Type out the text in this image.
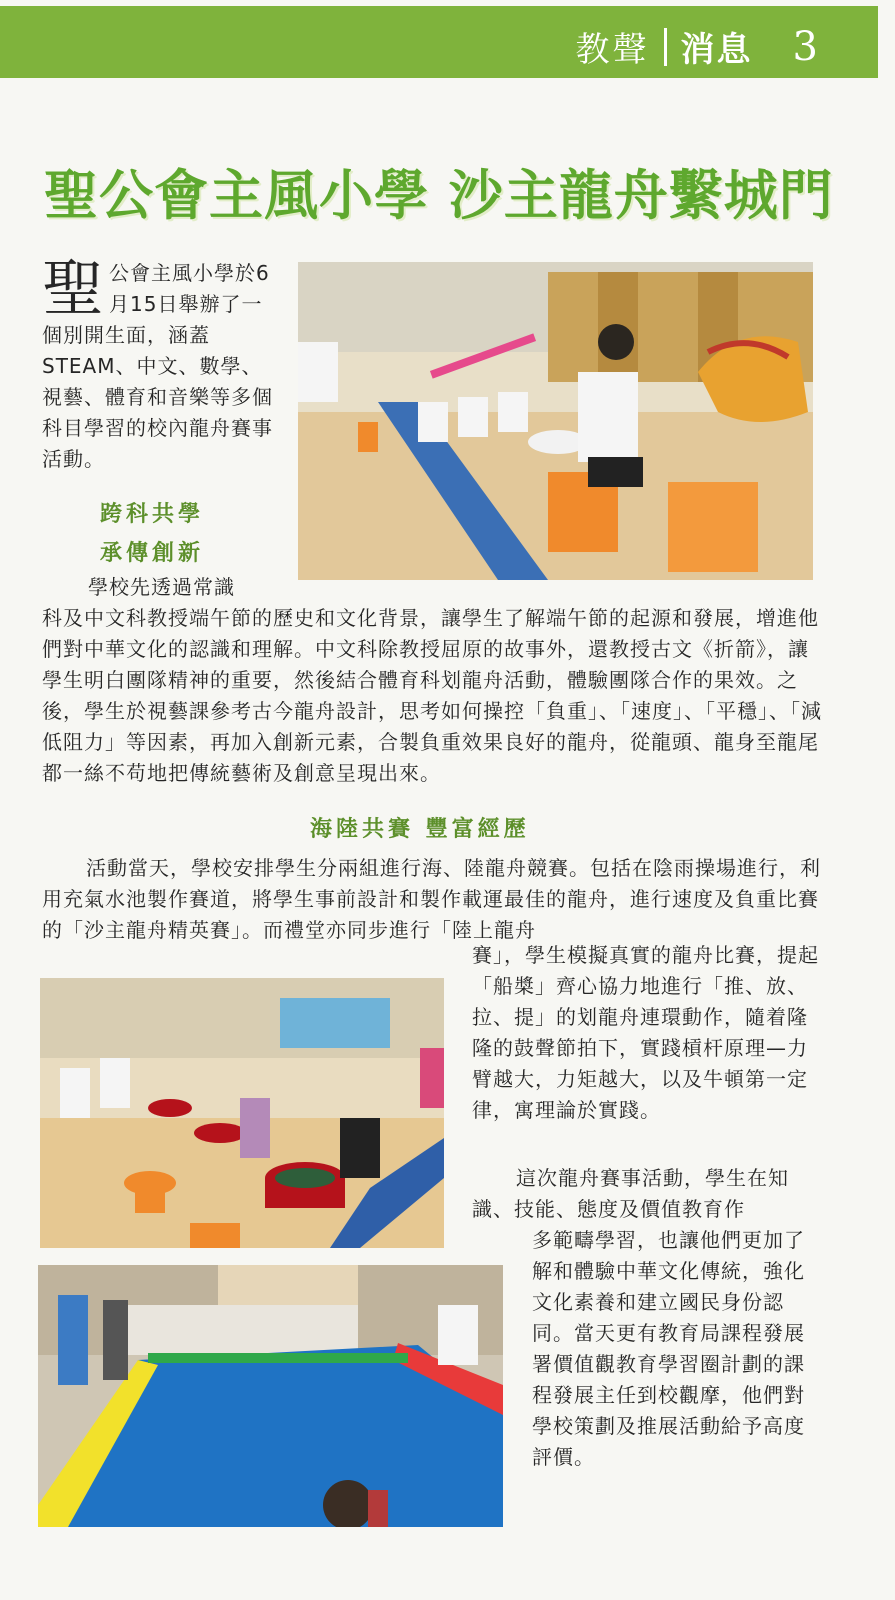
教聲 消息 3
聖公會主風小學 沙主龍舟繫城門
聖 公會主風小學於6月15日舉辦了一個別開生面，涵蓋STEAM、中文、數學、視藝、體育和音樂等多個科目學習的校內龍舟賽事活動。
跨科共學
承傳創新
學校先透過常識
科及中文科教授端午節的歷史和文化背景，讓學生了解端午節的起源和發展，增進他們對中華文化的認識和理解。中文科除教授屈原的故事外，還教授古文《折箭》，讓學生明白團隊精神的重要，然後結合體育科划龍舟活動，體驗團隊合作的果效。之後，學生於視藝課參考古今龍舟設計，思考如何操控「負重」、「速度」、「平穩」、「減低阻力」等因素，再加入創新元素，合製負重效果良好的龍舟，從龍頭、龍身至龍尾都一絲不苟地把傳統藝術及創意呈現出來。
海陸共賽 豐富經歷
活動當天，學校安排學生分兩組進行海、陸龍舟競賽。包括在陰雨操場進行，利用充氣水池製作賽道，將學生事前設計和製作載運最佳的龍舟，進行速度及負重比賽的「沙主龍舟精英賽」。而禮堂亦同步進行「陸上龍舟
賽」，學生模擬真實的龍舟比賽，提起「船槳」齊心協力地進行「推、放、拉、提」的划龍舟連環動作，隨着隆隆的鼓聲節拍下，實踐槓杆原理—力臂越大，力矩越大，以及牛頓第一定律，寓理論於實踐。
這次龍舟賽事活動，學生在知識、技能、態度及價值教育作
多範疇學習，也讓他們更加了解和體驗中華文化傳統，強化文化素養和建立國民身份認同。當天更有教育局課程發展署價值觀教育學習圈計劃的課程發展主任到校觀摩，他們對學校策劃及推展活動給予高度評價。
